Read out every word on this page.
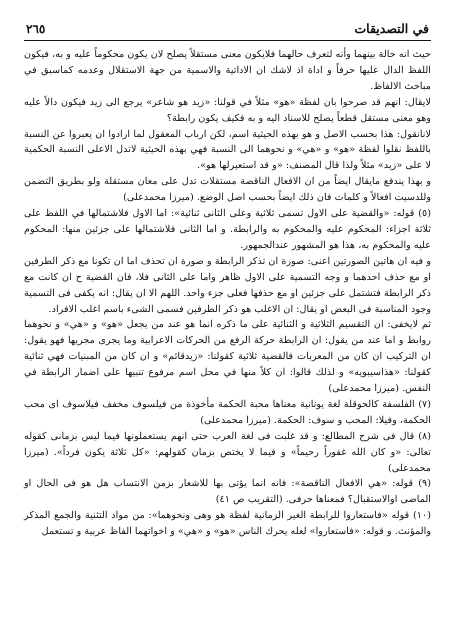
ﻓﻲ التصديقات
٢٦٥

حيث انه حالة بينهما وأنه لتعرف حالهما فلايكون معنى مستقلاً يصلح لان يكون محكوماً عليه و به، فيكون اللفظ الدال عليها حرفاً و اداة اذ لاشك ان الاداتية والاسمية من جهة الاستقلال وعدمه كماسبق في مباحث الالفاظ.

لايقال: انهم قد صرحوا بان لفظة «هو» مثلاً في قولنا: «زيد هو شاعر» يرجع الى زيد فيكون دالاً عليه وهو معنى مستقل قطعاً يصلح للاسناد اليه و به فكيف يكون رابطة؟

لانانقول: هذا بحسب الاصل و هو بهذه الحيثية اسم، لكن ارباب المعقول لما ارادوا ان يعبروا عن النسبة باللفظ نقلوا لفظة «هو» و «هي» و نحوهما الى النسبة فهي بهذه الحيثية لاتدل الاعلى النسبة الحكمية لا على «زيد» مثلاً ولذا قال المصنف: «و قد استعيرلها هو».

و بهذا يندفع مايقال ايضاً من ان الافعال الناقصة مستقلات تدل على معان مستقلة ولو بطريق التضمن وللدسيت افعالاً و كلمات فان ذلك ايضاً بحسب اصل الوضع. (ميرزا محمدعلى)

(٥) قوله: «والقضية على الاول تسمى ثلاثية وعلى الثانى ثنائية»: اما الاول فلاشتمالها في اللفظ على ثلاثة اجزاء: المحكوم عليه والمحكوم به والرابطة. و اما الثانى فلاشتمالها على جزئين منها: المحكوم عليه والمحكوم به، هذا هو المشهور عندالجمهور.

و فيه ان هاتين الصورتين اعنى: صورة ان تذكر الرابطة و صورة ان تحذف اما ان تكونا مع ذكر الطرفين او مع حذف احدهما و وجه التسمية على الاول ظاهر واما على الثانى فلا، فان القضية ح ان كانت مع ذكر الرابطة فتشتمل على جزئين او مع حذفها فعلى جزء واحد. اللهم الا ان يقال: انه يكفى فى التسمية وجود المناسبة فى البعض او يقال: ان الاغلب هو ذكر الطرفين فسمى الشىء باسم اغلب الافراد.

ثم لايخفى: ان التقسيم الثلاثية و الثنائية على ما ذكره انما هو عند من يجعل «هو» و «هي» و نحوهما روابط و اما عند من يقول: ان الرابطة حركة الرفع من الحركات الاعرابية وما يجرى مجريها فهو يقول: ان التركيب ان كان من المعربات فالقضية ثلاثية كقولنا: «زيدقائم» و ان كان من المبنيات فهي ثنائية كقولنا: «هذاسيبويه» و لذلك قالوا: ان كلاً منها في محل اسم مرفوع تنبيها على اضمار الرابطة في النفس. (ميرزا محمدعلى)

(٧) الفلسفة كالحوقلة لغة يونانية معناها محبة الحكمة مأخوذة من فيلسوف مخفف فيلاسوف اى محب الحكمة، وفيلا: المحب و سوف: الحكمة. (ميرزا محمدعلى)

(٨) قال فى شرح المطالع: و قد غلبت فى لغة العرب حتى انهم يستعملونها فيما ليس بزمانى كقوله تعالى: «و كان الله غفوراً رحيماً» و فيما لا يختص بزمان كقولهم: «كل ثلاثة يكون فرداً». (ميرزا محمدعلى)

(٩) قوله: «هي الافعال الناقصة»: فانه انما يؤتى بها للاشعار بزمن الانتساب هل هو فى الحال او الماضى اوالاستقبال؟ فمعناها حرفى. (التقريب ص ٤١)

(١٠) قوله «فاستعاروا للرابطة الغير الزمانية لفظة هو وهى ونحوهما»: من مواد التثنية والجمع المذكر والمؤنث. و قوله: «فاستعاروا» لعله يحرك الناس «هو» و «هي» و اخواتهما الفاظ عربية و تستعمل
